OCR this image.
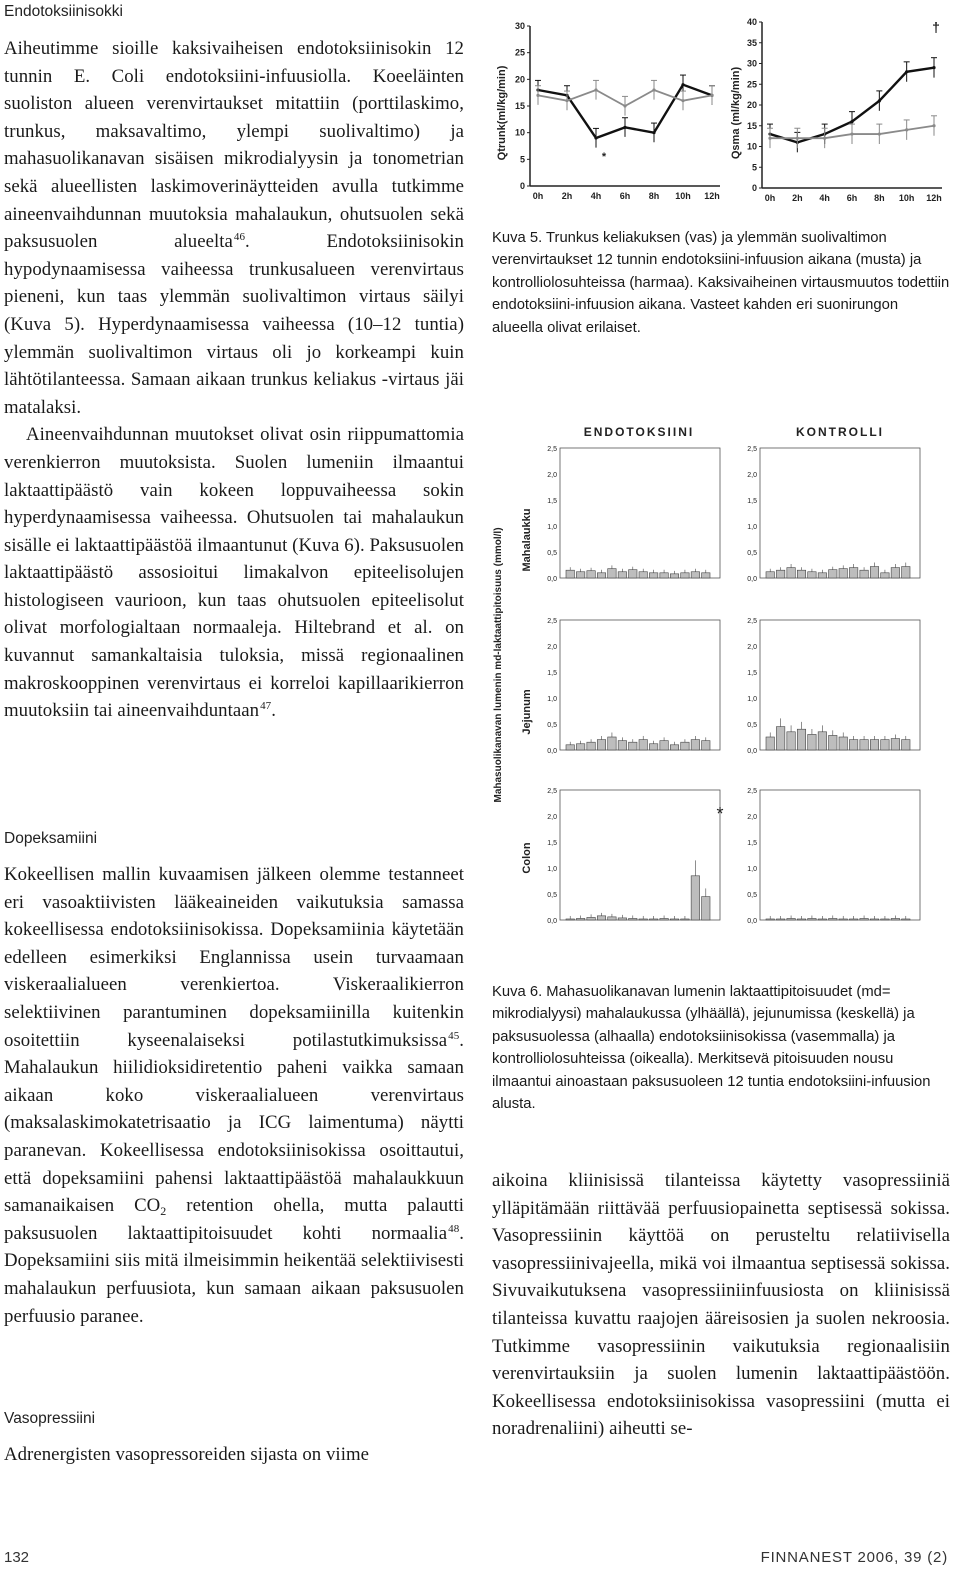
Endotoksiinisokki

Aiheutimme sioille kaksivaiheisen endotoksiinisokin 12 tunnin E. Coli endotoksiini-infuusiolla. Koeeläinten suoliston alueen verenvirtaukset mitattiin (porttilaskimo, trunkus, maksavaltimo, ylempi suolivaltimo) ja mahasuolikanavan sisäisen mikrodialyysin ja tonometrian sekä alueellisten laskimoverinäytteiden avulla tutkimme aineenvaihdunnan muutoksia mahalaukun, ohutsuolen sekä paksusuolen alueelta$^{46}$. Endotoksiinisokin hypodynaamisessa vaiheessa trunkusalueen verenvirtaus pieneni, kun taas ylemmän suolivaltimon virtaus säilyi (Kuva 5). Hyperdynaamisessa vaiheessa (10–12 tuntia) ylemmän suolivaltimon virtaus oli jo korkeampi kuin lähtötilanteessa. Samaan aikaan trunkus keliakus -virtaus jäi matalaksi.

Aineenvaihdunnan muutokset olivat osin riippumattomia verenkierron muutoksista. Suolen lumeniin ilmaantui laktaattipäästö vain kokeen loppuvaiheessa sokin hyperdynaamisessa vaiheessa. Ohutsuolen tai mahalaukun sisälle ei laktaattipäästöä ilmaantunut (Kuva 6). Paksusuolen laktaattipäästö assosioitui limakalvon epiteelisolujen histologiseen vaurioon, kun taas ohutsuolen epiteelisolut olivat morfologialtaan normaaleja. Hiltebrand et al. on kuvannut samankaltaisia tuloksia, missä regionaalinen makroskooppinen verenvirtaus ei korreloi kapillaarikierron muutoksiin tai aineenvaihduntaan$^{47}$.

Dopeksamiini

Kokeellisen mallin kuvaamisen jälkeen olemme testanneet eri vasoaktiivisten lääkeaineiden vaikutuksia samassa kokeellisessa endotoksiinisokissa. Dopeksamiinia käytetään edelleen esimerkiksi Englannissa usein turvaamaan viskeraalialueen verenkiertoa. Viskeraalikierron selektiivinen parantuminen dopeksamiinilla kuitenkin osoitettiin kyseenalaiseksi potilastutkimuksissa$^{45}$. Mahalaukun hiilidioksidiretentio paheni vaikka samaan aikaan koko viskeraalialueen verenvirtaus (maksalaskimokatetrisaatio ja ICG laimentuma) näytti paranevan. Kokeellisessa endotoksiinisokissa osoittautui, että dopeksamiini pahensi laktaattipäästöä mahalaukkuun samanaikaisen $CO_2$ retention ohella, mutta palautti paksusuolen laktaattipitoisuudet kohti normaalia$^{48}$. Dopeksamiini siis mitä ilmeisimmin heikentää selektiivisesti mahalaukun perfuusiota, kun samaan aikaan paksusuolen perfuusio paranee.

Vasopressiini

Adrenergisten vasopressoreiden sijasta on viime

Qtrunk(ml/kg/min)	Qsma (ml/kg/min)
0
5
10
15
20
25
30
0h 2h 4h 6h 8h 10h 12h
*
0
5
10
15
20
25
30
35
40
0h 2h 4h 6h 8h 10h 12h
†
Kuva 5. Trunkus keliakuksen (vas) ja ylemmän suolivaltimon verenvirtaukset 12 tunnin endotoksiini-infuusion aikana (musta) ja kontrolliolosuhteissa (harmaa). Kaksivaiheinen virtausmuutos todettiin endotoksiini-infuusion aikana. Vasteet kahden eri suonirungon alueella olivat erilaiset.
ENDOTOKSIINI	KONTROLLI
Mahasuolikanavan lumenin md-laktaattipitoisuus (mmol/l) Mahalaukku
Jejunum
Colon
2,5
2,0
1,5
1,0
0,5
0,0
2,5
2,0
1,5
1,0
0,5
0,0
2,5
2,0
1,5
1,0
0,5
0,0
2,5
2,0
1,5
1,0
0,5
0,0
2,5
2,0
1,5
1,0
0,5
0,0
2,5
2,0
1,5
1,0
0,5
0,0
*
Kuva 6. Mahasuolikanavan lumenin laktaattipitoisuudet (md= mikrodialyysi) mahalaukussa (ylhäällä), jejunumissa (keskellä) ja paksusuolessa (alhaalla) endotoksiinisokissa (vasemmalla) ja kontrolliolosuhteissa (oikealla). Merkitsevä pitoisuuden nousu ilmaantui ainoastaan paksusuoleen 12 tuntia endotoksiini-infuusion alusta.

aikoina kliinisissä tilanteissa käytetty vasopressiiniä ylläpitämään riittävää perfuusiopainetta septisessä sokissa. Vasopressiinin käyttöä on perusteltu relatiivisella vasopressiinivajeella, mikä voi ilmaantua septisessä sokissa. Sivuvaikutuksena vasopressiiniinfuusiosta on kliinisissä tilanteissa kuvattu raajojen ääreisosien ja suolen nekroosia. Tutkimme vasopressiinin vaikutuksia regionaalisiin verenvirtauksiin ja suolen lumenin laktaattipäästöön. Kokeellisessa endotoksiinisokissa vasopressiini (mutta ei noradrenaliini) aiheutti se-

132	FINNANEST 2006, 39 (2)
